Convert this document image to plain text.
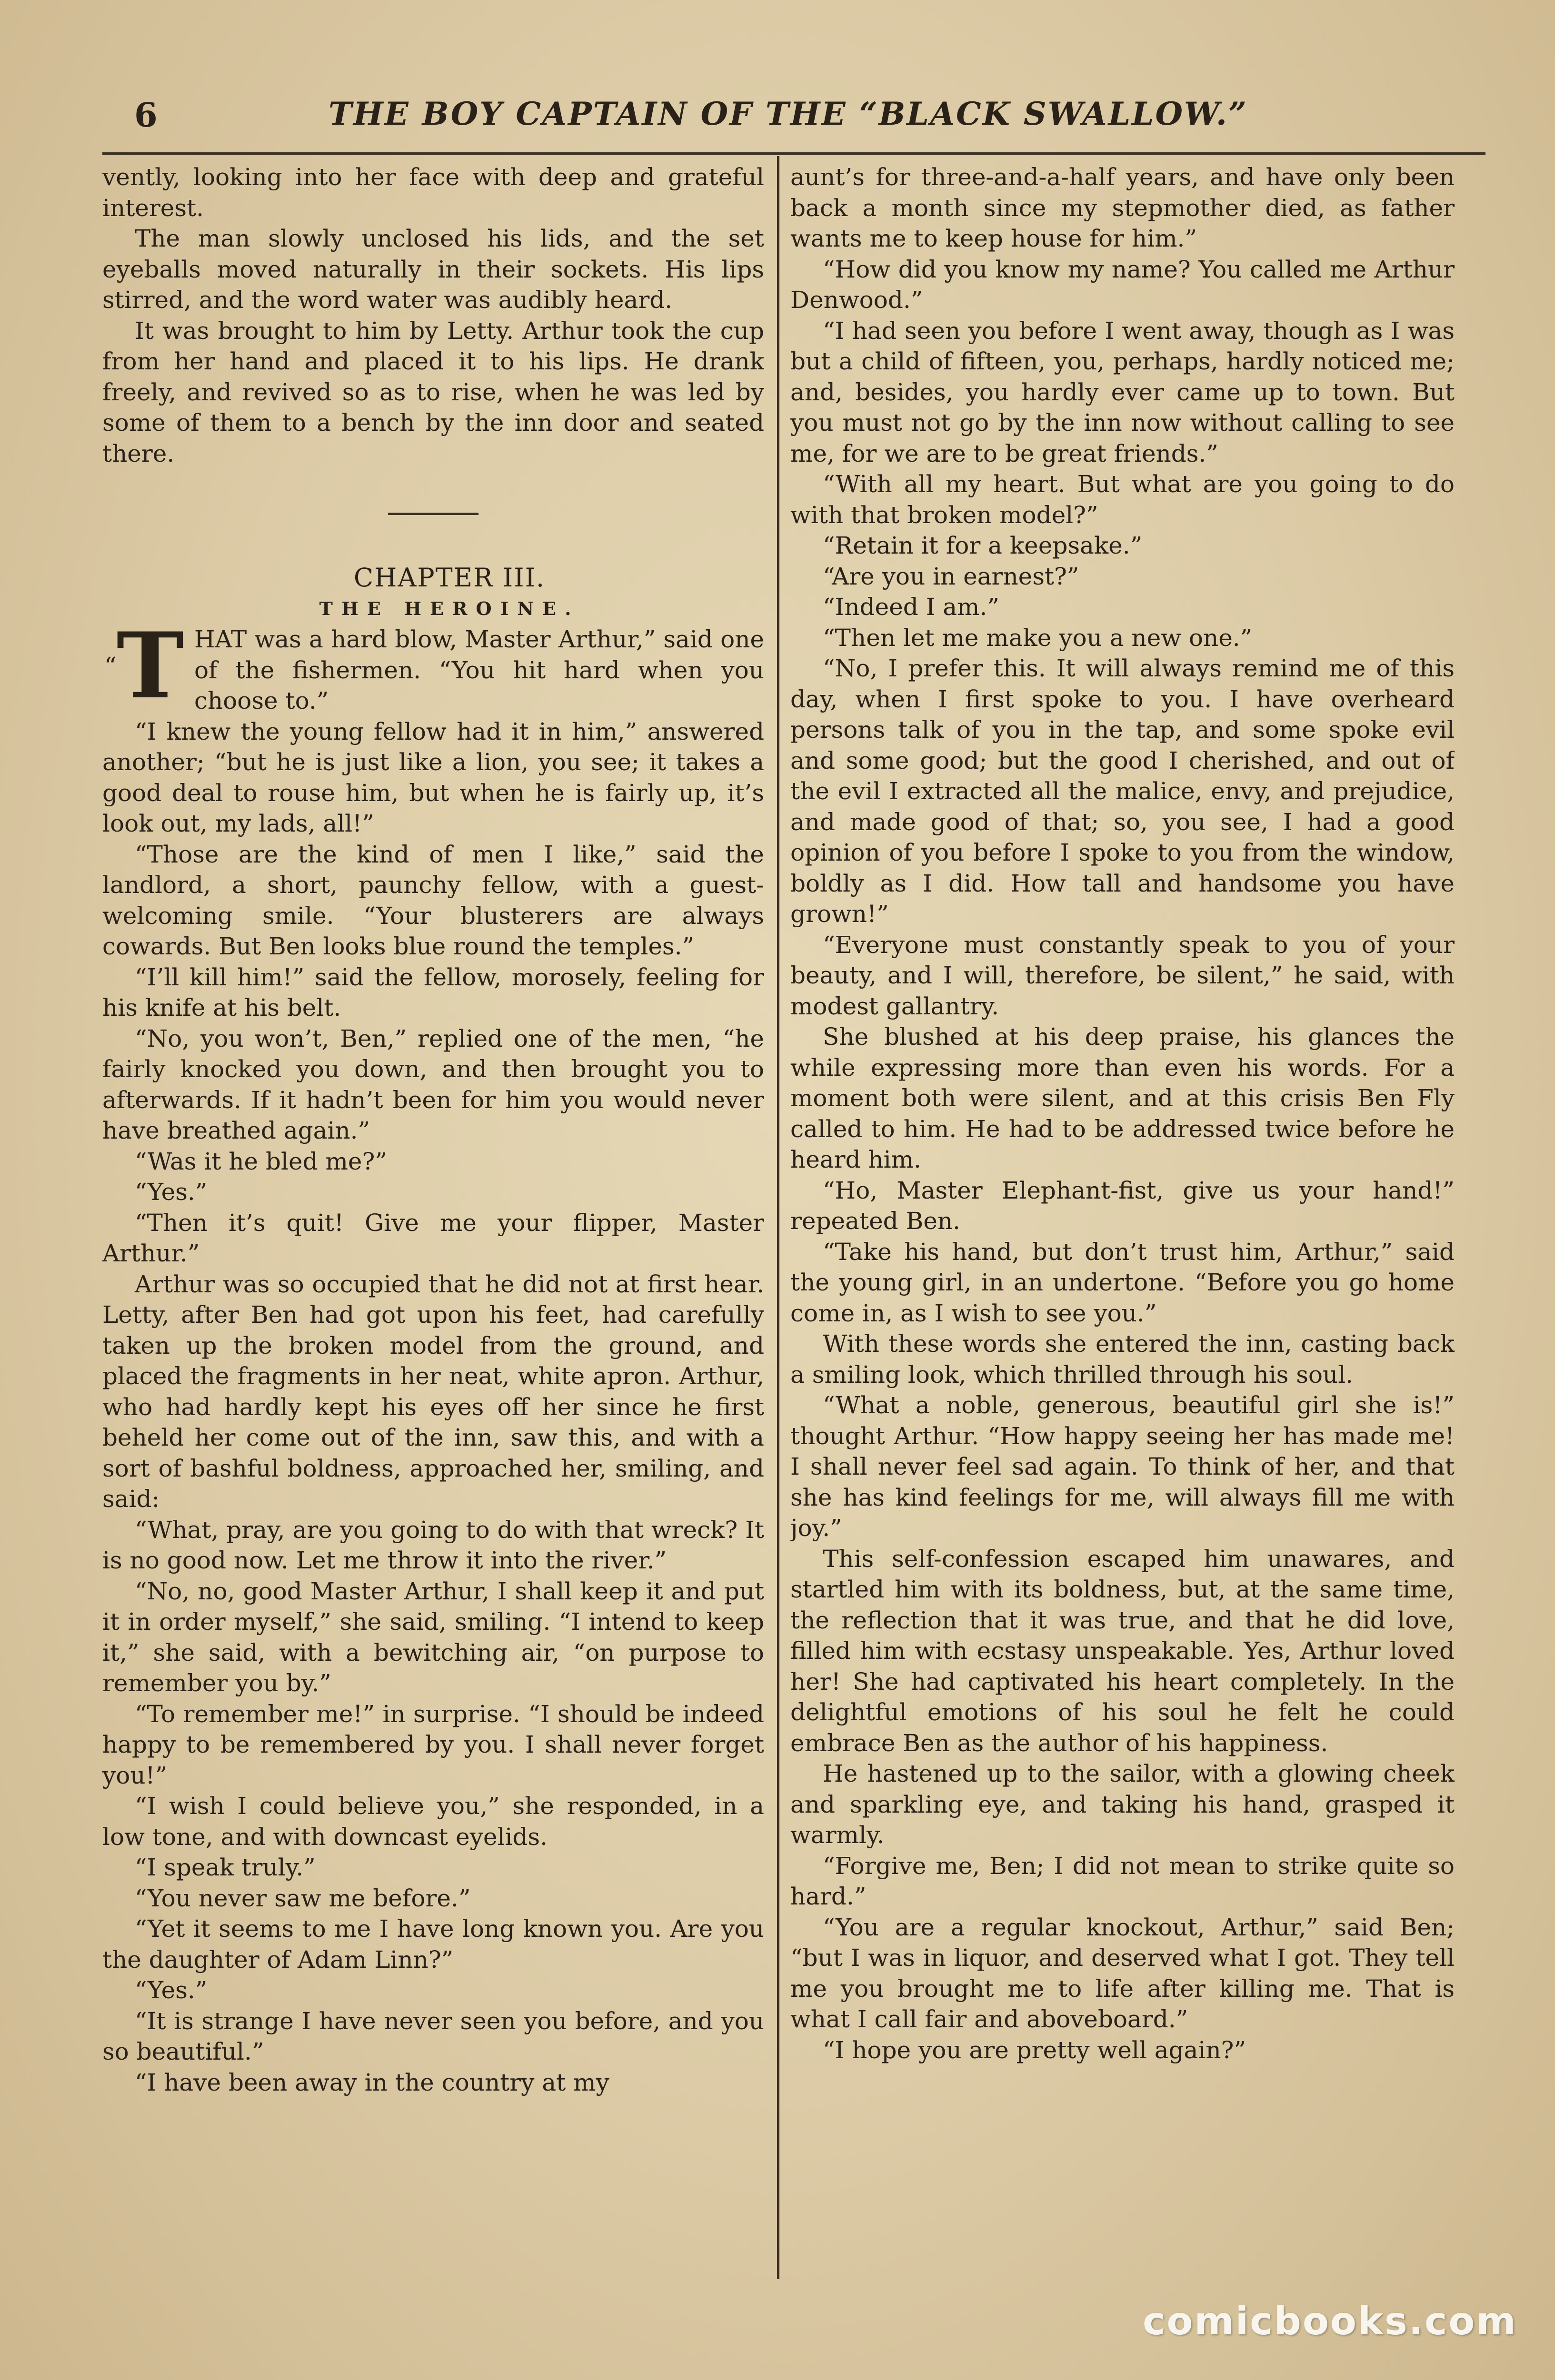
6	THE BOY CAPTAIN OF THE “BLACK SWALLOW.”

vently, looking into her face with deep and grateful interest.

The man slowly unclosed his lids, and the set eyeballs moved naturally in their sockets. His lips stirred, and the word water was audibly heard.

It was brought to him by Letty. Arthur took the cup from her hand and placed it to his lips. He drank freely, and revived so as to rise, when he was led by some of them to a bench by the inn door and seated there.

CHAPTER III.

THE HEROINE.

“T HAT was a hard blow, Master Arthur,” said one of the fishermen. “You hit hard when you choose to.”

“I knew the young fellow had it in him,” answered another; “but he is just like a lion, you see; it takes a good deal to rouse him, but when he is fairly up, it’s look out, my lads, all!”

“Those are the kind of men I like,” said the landlord, a short, paunchy fellow, with a guest-welcoming smile. “Your blusterers are always cowards. But Ben looks blue round the temples.”

“I’ll kill him!” said the fellow, morosely, feeling for his knife at his belt.

“No, you won’t, Ben,” replied one of the men, “he fairly knocked you down, and then brought you to afterwards. If it hadn’t been for him you would never have breathed again.”

“Was it he bled me?”

“Yes.”

“Then it’s quit! Give me your flipper, Master Arthur.”

Arthur was so occupied that he did not at first hear. Letty, after Ben had got upon his feet, had carefully taken up the broken model from the ground, and placed the fragments in her neat, white apron. Arthur, who had hardly kept his eyes off her since he first beheld her come out of the inn, saw this, and with a sort of bashful boldness, approached her, smiling, and said:

“What, pray, are you going to do with that wreck? It is no good now. Let me throw it into the river.”

“No, no, good Master Arthur, I shall keep it and put it in order myself,” she said, smiling. “I intend to keep it,” she said, with a bewitching air, “on purpose to remember you by.”

“To remember me!” in surprise. “I should be indeed happy to be remembered by you. I shall never forget you!”

“I wish I could believe you,” she responded, in a low tone, and with downcast eyelids.

“I speak truly.”

“You never saw me before.”

“Yet it seems to me I have long known you. Are you the daughter of Adam Linn?”

“Yes.”

“It is strange I have never seen you before, and you so beautiful.”

“I have been away in the country at my

aunt’s for three-and-a-half years, and have only been back a month since my stepmother died, as father wants me to keep house for him.”

“How did you know my name? You called me Arthur Denwood.”

“I had seen you before I went away, though as I was but a child of fifteen, you, perhaps, hardly noticed me; and, besides, you hardly ever came up to town. But you must not go by the inn now without calling to see me, for we are to be great friends.”

“With all my heart. But what are you going to do with that broken model?”

“Retain it for a keepsake.”

“Are you in earnest?”

“Indeed I am.”

“Then let me make you a new one.”

“No, I prefer this. It will always remind me of this day, when I first spoke to you. I have overheard persons talk of you in the tap, and some spoke evil and some good; but the good I cherished, and out of the evil I extracted all the malice, envy, and prejudice, and made good of that; so, you see, I had a good opinion of you before I spoke to you from the window, boldly as I did. How tall and handsome you have grown!”

“Everyone must constantly speak to you of your beauty, and I will, therefore, be silent,” he said, with modest gallantry.

She blushed at his deep praise, his glances the while expressing more than even his words. For a moment both were silent, and at this crisis Ben Fly called to him. He had to be addressed twice before he heard him.

“Ho, Master Elephant-fist, give us your hand!” repeated Ben.

“Take his hand, but don’t trust him, Arthur,” said the young girl, in an undertone. “Before you go home come in, as I wish to see you.”

With these words she entered the inn, casting back a smiling look, which thrilled through his soul.

“What a noble, generous, beautiful girl she is!” thought Arthur. “How happy seeing her has made me! I shall never feel sad again. To think of her, and that she has kind feelings for me, will always fill me with joy.”

This self-confession escaped him unawares, and startled him with its boldness, but, at the same time, the reflection that it was true, and that he did love, filled him with ecstasy unspeakable. Yes, Arthur loved her! She had captivated his heart completely. In the delightful emotions of his soul he felt he could embrace Ben as the author of his happiness.

He hastened up to the sailor, with a glowing cheek and sparkling eye, and taking his hand, grasped it warmly.

“Forgive me, Ben; I did not mean to strike quite so hard.”

“You are a regular knockout, Arthur,” said Ben; “but I was in liquor, and deserved what I got. They tell me you brought me to life after killing me. That is what I call fair and aboveboard.”

“I hope you are pretty well again?”

comicbooks.com
